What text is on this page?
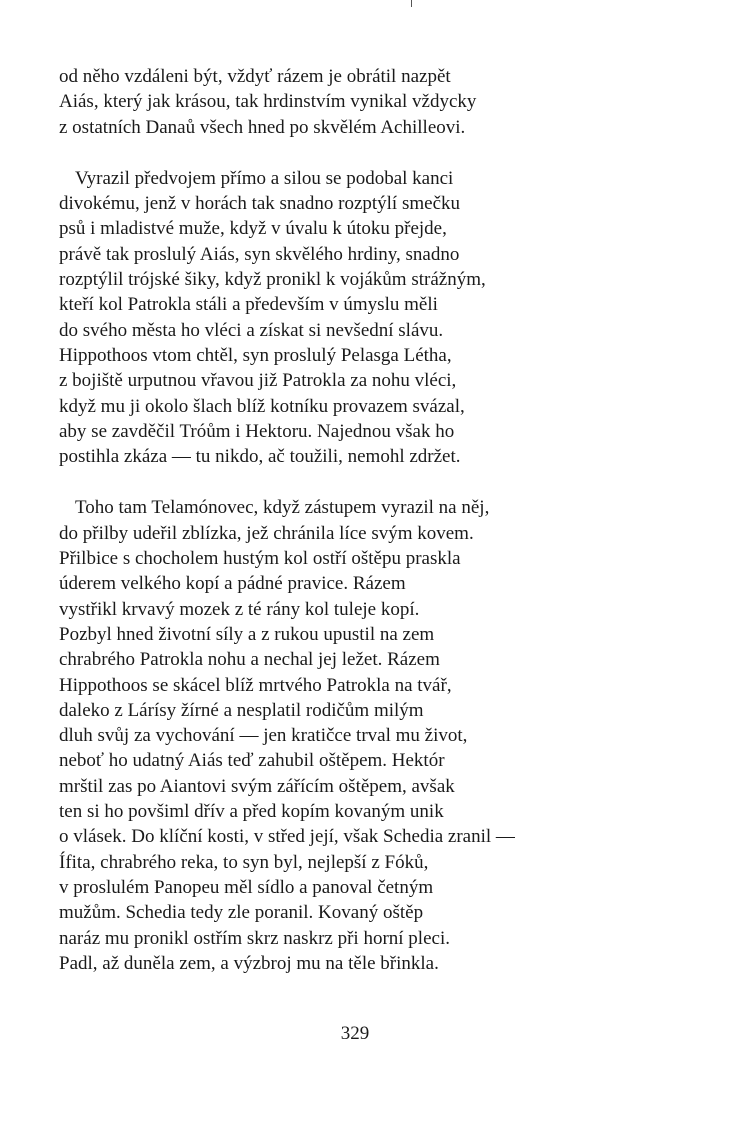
od něho vzdáleni být, vždyť rázem je obrátil nazpět
Aiás, který jak krásou, tak hrdinstvím vynikal vždycky
z ostatních Danaů všech hned po skvělém Achilleovi.

Vyrazil předvojem přímo a silou se podobal kanci
divokému, jenž v horách tak snadno rozptýlí smečku
psů i mladistvé muže, když v úvalu k útoku přejde,
právě tak proslulý Aiás, syn skvělého hrdiny, snadno
rozptýlil trójské šiky, když pronikl k vojákům strážným,
kteří kol Patrokla stáli a především v úmyslu měli
do svého města ho vléci a získat si nevšední slávu.
Hippothoos vtom chtěl, syn proslulý Pelasga Létha,
z bojiště urputnou vřavou již Patrokla za nohu vléci,
když mu ji okolo šlach blíž kotníku provazem svázal,
aby se zavděčil Tróům i Hektoru. Najednou však ho
postihla zkáza — tu nikdo, ač toužili, nemohl zdržet.

Toho tam Telamónovec, když zástupem vyrazil na něj,
do přilby udeřil zblízka, jež chránila líce svým kovem.
Přilbice s chocholem hustým kol ostří oštěpu praskla
úderem velkého kopí a pádné pravice. Rázem
vystřikl krvavý mozek z té rány kol tuleje kopí.
Pozbyl hned životní síly a z rukou upustil na zem
chrabrého Patrokla nohu a nechal jej ležet. Rázem
Hippothoos se skácel blíž mrtvého Patrokla na tvář,
daleko z Lárísy žírné a nesplatil rodičům milým
dluh svůj za vychování — jen kratičce trval mu život,
neboť ho udatný Aiás teď zahubil oštěpem. Hektór
mrštil zas po Aiantovi svým zářícím oštěpem, avšak
ten si ho povšiml dřív a před kopím kovaným unik
o vlásek. Do klíční kosti, v střed její, však Schedia zranil —
Ífita, chrabrého reka, to syn byl, nejlepší z Fóků,
v proslulém Panopeu měl sídlo a panoval četným
mužům. Schedia tedy zle poranil. Kovaný oštěp
naráz mu pronikl ostřím skrz naskrz při horní pleci.
Padl, až duněla zem, a výzbroj mu na těle břinkla.

329
